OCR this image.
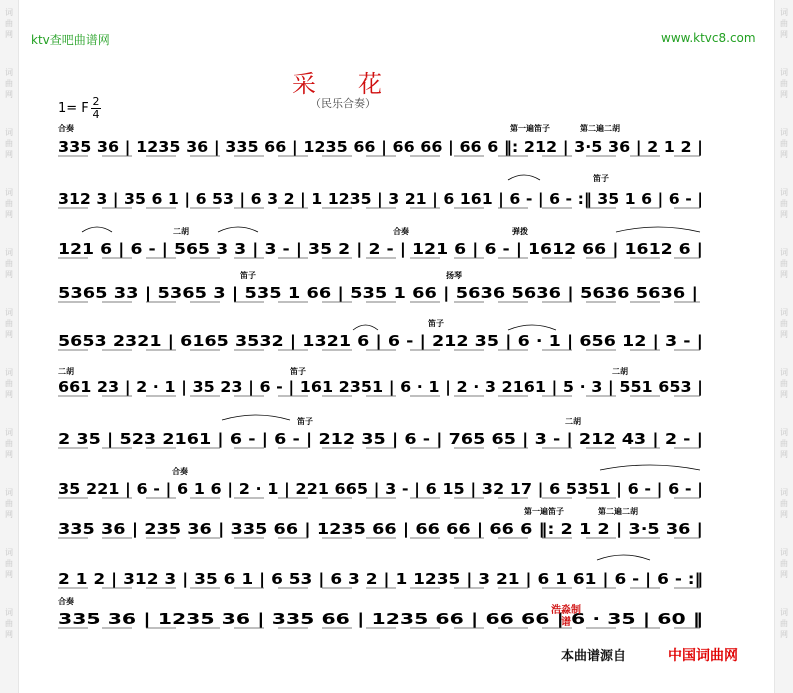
词
曲
网
词
曲
网
词
曲
网
词
曲
网
词
曲
网
词
曲
网
词
曲
网
词
曲
网
词
曲
网
词
曲
网
词
曲
网
词
曲
网
词
曲
网
词
曲
网
词
曲
网
词
曲
网
词
曲
网
词
曲
网
词
曲
网
词
曲
网
词
曲
网
词
曲
网
ktv查吧曲谱网	www.ktvc8.com
采花
（民乐合奏）
1= F 2
4
335 36 | 1235 36 | 335 66 | 1235 66 | 66 66 | 66 6 ‖: 212 | 3·5 36 | 2 1 2 |
312 3 | 35 6 1 | 6 53 | 6 3 2 | 1 1235 | 3 21 | 6 161 | 6 - | 6 - :‖ 35 1 6 | 6 - |
121 6 | 6 - | 565 3 3 | 3 - | 35 2 | 2 - | 121 6 | 6 - | 1612 66 | 1612 6 |
5365 33 | 5365 3 | 535 1 66 | 535 1 66 | 5636 5636 | 5636 5636 |
5653 2321 | 6165 3532 | 1321 6 | 6 - | 212 35 | 6 · 1 | 656 12 | 3 - |
661 23 | 2 · 1 | 35 23 | 6 - | 161 2351 | 6 · 1 | 2 · 3 2161 | 5 · 3 | 551 653 |
2 35 | 523 2161 | 6 - | 6 - | 212 35 | 6 - | 765 65 | 3 - | 212 43 | 2 - |
35 221 | 6 - | 6 1 6 | 2 · 1 | 221 665 | 3 - | 6 15 | 32 17 | 6 5351 | 6 - | 6 - |
335 36 | 235 36 | 335 66 | 1235 66 | 66 66 | 66 6 ‖: 2 1 2 | 3·5 36 |
2 1 2 | 312 3 | 35 6 1 | 6 53 | 6 3 2 | 1 1235 | 3 21 | 6 1 61 | 6 - | 6 - :‖
335 36 | 1235 36 | 335 66 | 1235 66 | 66 66 | 6 · 35 | 60 ‖
合奏	第一遍笛子	第二遍二胡
笛子
二胡	合奏	弹拨
笛子	扬琴
笛子
二胡	笛子	二胡
笛子	二胡
合奏
第一遍笛子	第二遍二胡
合奏
浩淼制谱
本曲谱源自	中国词曲网
